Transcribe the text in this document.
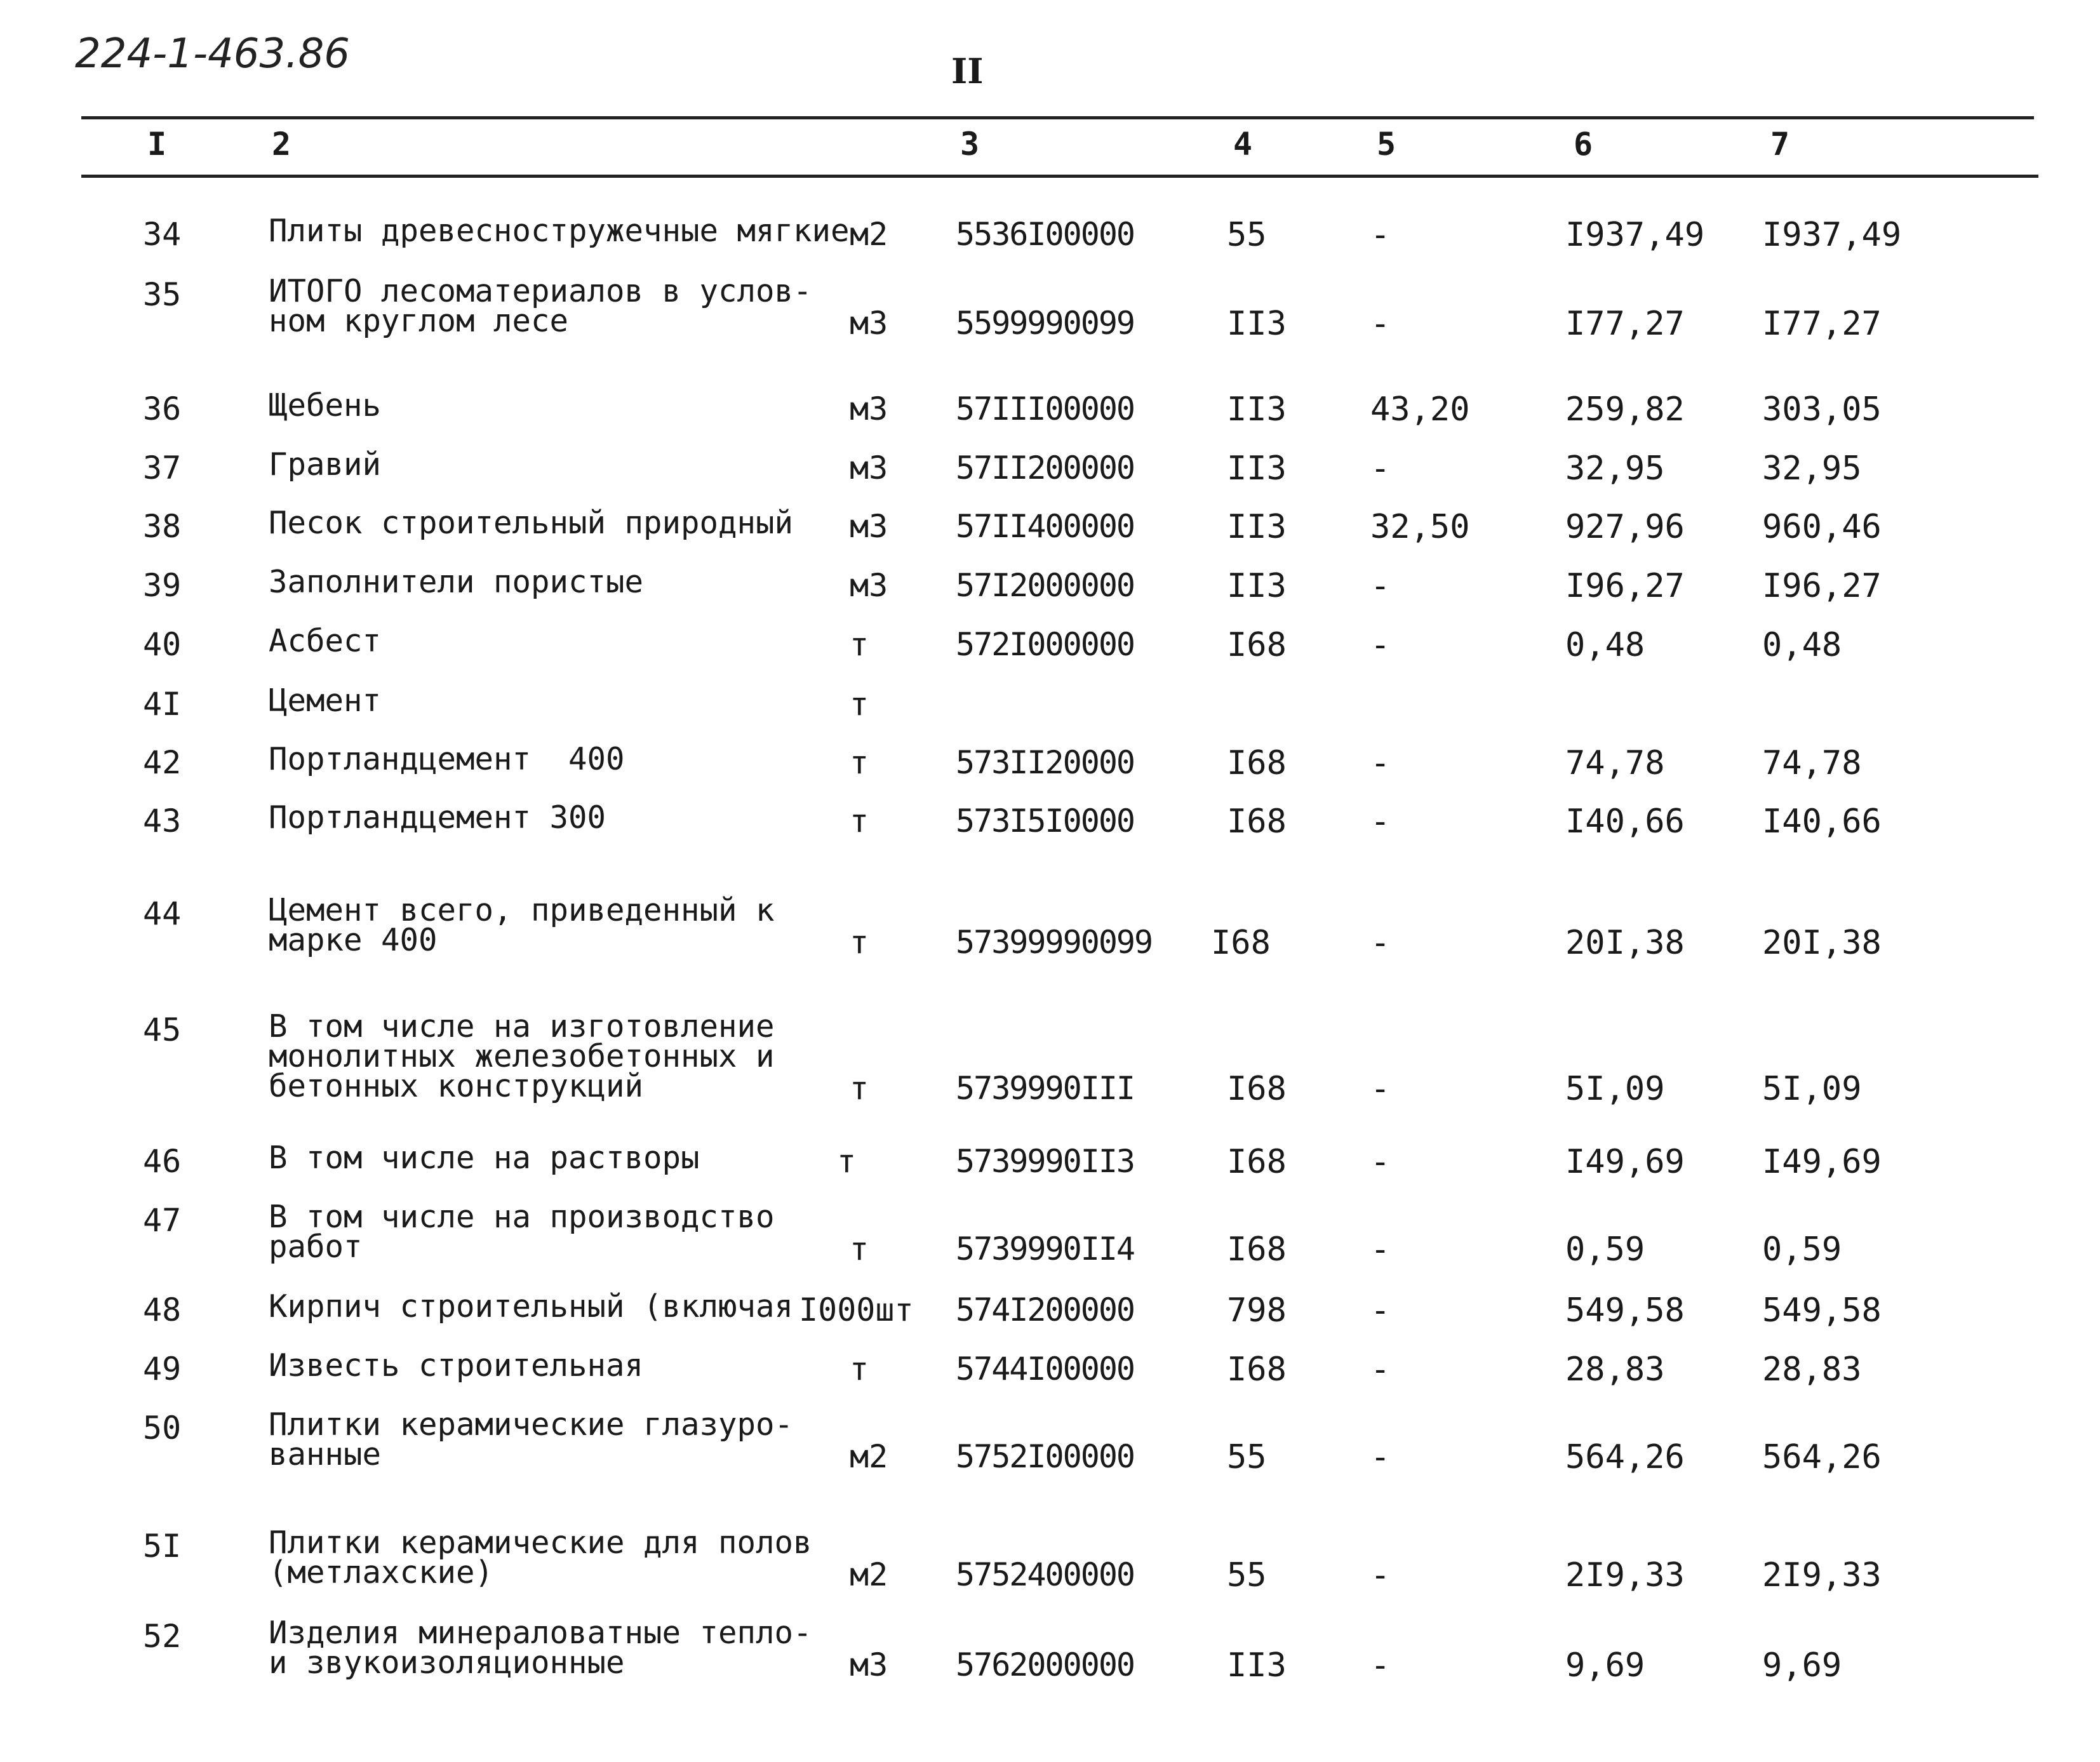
224-1-463.86	II
I	2	3	4	5	6	7
34	Плиты древесностружечные мягкие м2 5536I00000	55	-	I937,49 I937,49
35	ИТОГО лесоматериалов в услов-
ном круглом лесе	м3 5599990099	II3	-	I77,27 I77,27
36	Щебень	м3 57III00000	II3	43,20	259,82 303,05
37	Гравий	м3 57II200000	II3	-	32,95	32,95
38	Песок строительный природный м3 57II400000	II3	32,50	927,96 960,46
39	Заполнители пористые	м3 57I2000000	II3	-	I96,27 I96,27
40	Асбест	т	572I000000	I68	-	0,48	0,48
4I	Цемент	т
42	Портландцемент  400	т	573II20000	I68	-	74,78	74,78
43	Портландцемент 300	т	573I5I0000	I68	-	I40,66 I40,66
44	Цемент всего, приведенный к
марке 400	т	57399990099 I68	-	20I,38 20I,38
45	В том числе на изготовление
монолитных железобетонных и
бетонных конструкций	т	5739990III	I68	-	5I,09	5I,09
46	В том числе на растворы	т	5739990II3	I68	-	I49,69 I49,69
47	В том числе на производство
работ	т	5739990II4	I68	-	0,59	0,59
48	Кирпич строительный (включая I000шт 574I200000	798	-	549,58 549,58
49	Известь строительная	т	5744I00000	I68	-	28,83	28,83
50	Плитки керамические глазуро-
ванные	м2 5752I00000	55	-	564,26 564,26
5I	Плитки керамические для полов
(метлахские)	м2 5752400000	55	-	2I9,33 2I9,33
52	Изделия минераловатные тепло-
и звукоизоляционные	м3 5762000000	II3	-	9,69	9,69
